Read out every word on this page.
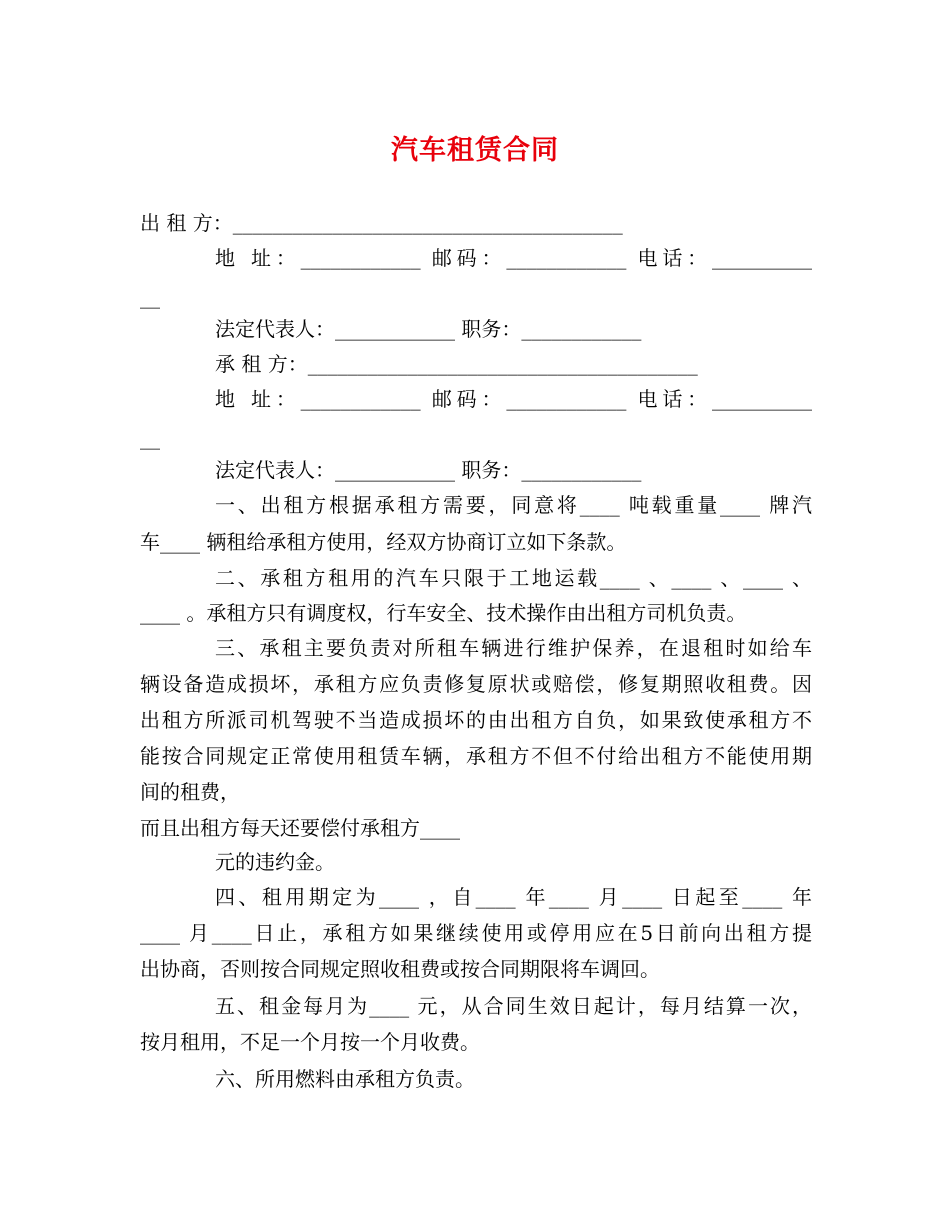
汽车租赁合同
出 租 方：_______________________________________
地 址：____________ 邮码：____________ 电话：__________
__
法定代表人：____________ 职务：____________
承 租 方：_______________________________________
地 址：____________ 邮码：____________ 电话：__________
__
法定代表人：____________ 职务：____________
一、出租方根据承租方需要，同意将____ 吨载重量____ 牌汽
车____ 辆租给承租方使用，经双方协商订立如下条款。
二、承租方租用的汽车只限于工地运载____ 、____ 、____ 、
____ 。承租方只有调度权，行车安全、技术操作由出租方司机负责。
三、承租主要负责对所租车辆进行维护保养，在退租时如给车
辆设备造成损坏，承租方应负责修复原状或赔偿，修复期照收租费。因
出租方所派司机驾驶不当造成损坏的由出租方自负，如果致使承租方不
能按合同规定正常使用租赁车辆，承租方不但不付给出租方不能使用期
间的租费，
而且出租方每天还要偿付承租方____
元的违约金。
四、租用期定为____ ，自____ 年____ 月____ 日起至____ 年
____ 月____日止，承租方如果继续使用或停用应在5日前向出租方提
出协商，否则按合同规定照收租费或按合同期限将车调回。
五、租金每月为____ 元，从合同生效日起计，每月结算一次，
按月租用，不足一个月按一个月收费。
六、所用燃料由承租方负责。
